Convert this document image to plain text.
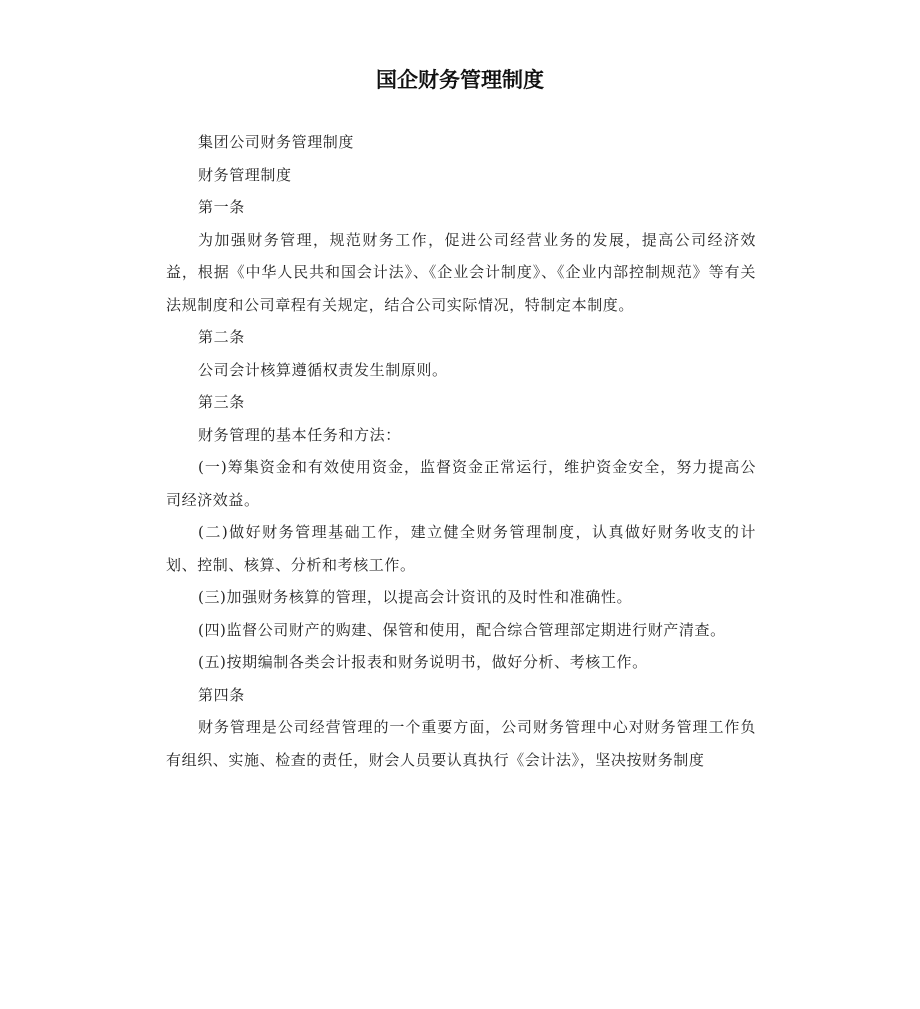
国企财务管理制度

集团公司财务管理制度

财务管理制度

第一条

为加强财务管理，规范财务工作，促进公司经营业务的发展，提高公司经济效益，根据《中华人民共和国会计法》、《企业会计制度》、《企业内部控制规范》等有关法规制度和公司章程有关规定，结合公司实际情况，特制定本制度。

第二条

公司会计核算遵循权责发生制原则。

第三条

财务管理的基本任务和方法：

(一)筹集资金和有效使用资金，监督资金正常运行，维护资金安全，努力提高公司经济效益。

(二)做好财务管理基础工作，建立健全财务管理制度，认真做好财务收支的计划、控制、核算、分析和考核工作。

(三)加强财务核算的管理，以提高会计资讯的及时性和准确性。

(四)监督公司财产的购建、保管和使用，配合综合管理部定期进行财产清查。

(五)按期编制各类会计报表和财务说明书，做好分析、考核工作。

第四条

财务管理是公司经营管理的一个重要方面，公司财务管理中心对财务管理工作负有组织、实施、检查的责任，财会人员要认真执行《会计法》，坚决按财务制度
